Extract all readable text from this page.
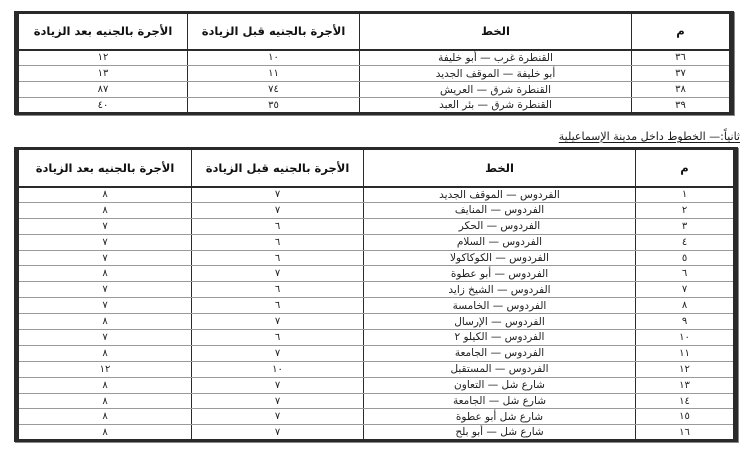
م	الخط	الأجرة بالجنيه قبل الزيادة	الأجرة بالجنيه بعد الزيادة
٣٦	القنطرة غرب — أبو خليفة	١٠	١٢
٣٧	أبو خليفة — الموقف الجديد	١١	١٣
٣٨	القنطرة شرق — العريش	٧٤	٨٧
٣٩	القنطرة شرق — بئر العبد	٣٥	٤٠
ثانياً:— الخطوط داخل مدينة الإسماعيلية
م	الخط	الأجرة بالجنيه قبل الزيادة	الأجرة بالجنيه بعد الزيادة
١	الفردوس — الموقف الجديد	٧	٨
٢	الفردوس — المنايف	٧	٨
٣	الفردوس — الحكر	٦	٧
٤	الفردوس — السلام	٦	٧
٥	الفردوس — الكوكاكولا	٦	٧
٦	الفردوس — أبو عطوة	٧	٨
٧	الفردوس — الشيخ زايد	٦	٧
٨	الفردوس — الخامسة	٦	٧
٩	الفردوس — الإرسال	٧	٨
١٠	الفردوس — الكيلو ٢	٦	٧
١١	الفردوس — الجامعة	٧	٨
١٢	الفردوس — المستقبل	١٠	١٢
١٣	شارع شل — التعاون	٧	٨
١٤	شارع شل — الجامعة	٧	٨
١٥	شارع شل أبو عطوة	٧	٨
١٦	شارع شل — أبو بلح	٧	٨
